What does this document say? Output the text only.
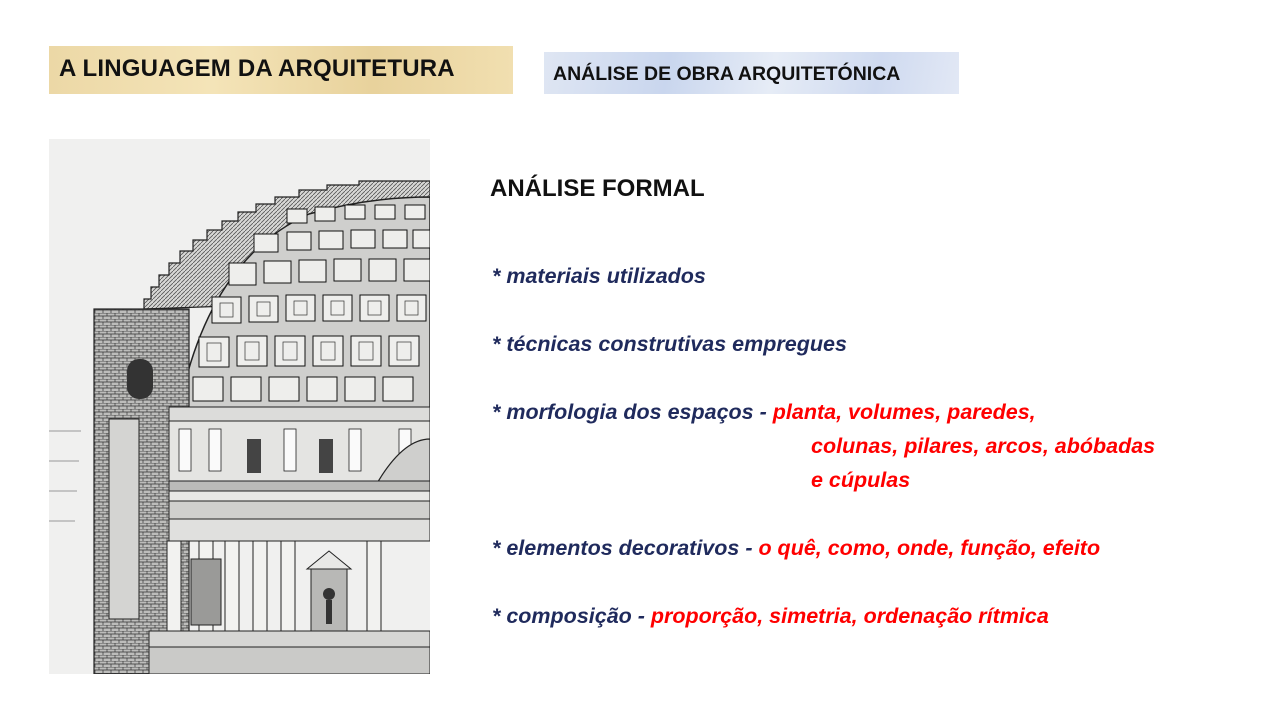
A LINGUAGEM DA ARQUITETURA	ANÁLISE DE OBRA ARQUITETÓNICA
ANÁLISE FORMAL
* materiais utilizados
* técnicas construtivas empregues
* morfologia dos espaços - planta, volumes, paredes,
colunas, pilares, arcos, abóbadas
e cúpulas
* elementos decorativos - o quê, como, onde, função, efeito
* composição - proporção, simetria, ordenação rítmica
